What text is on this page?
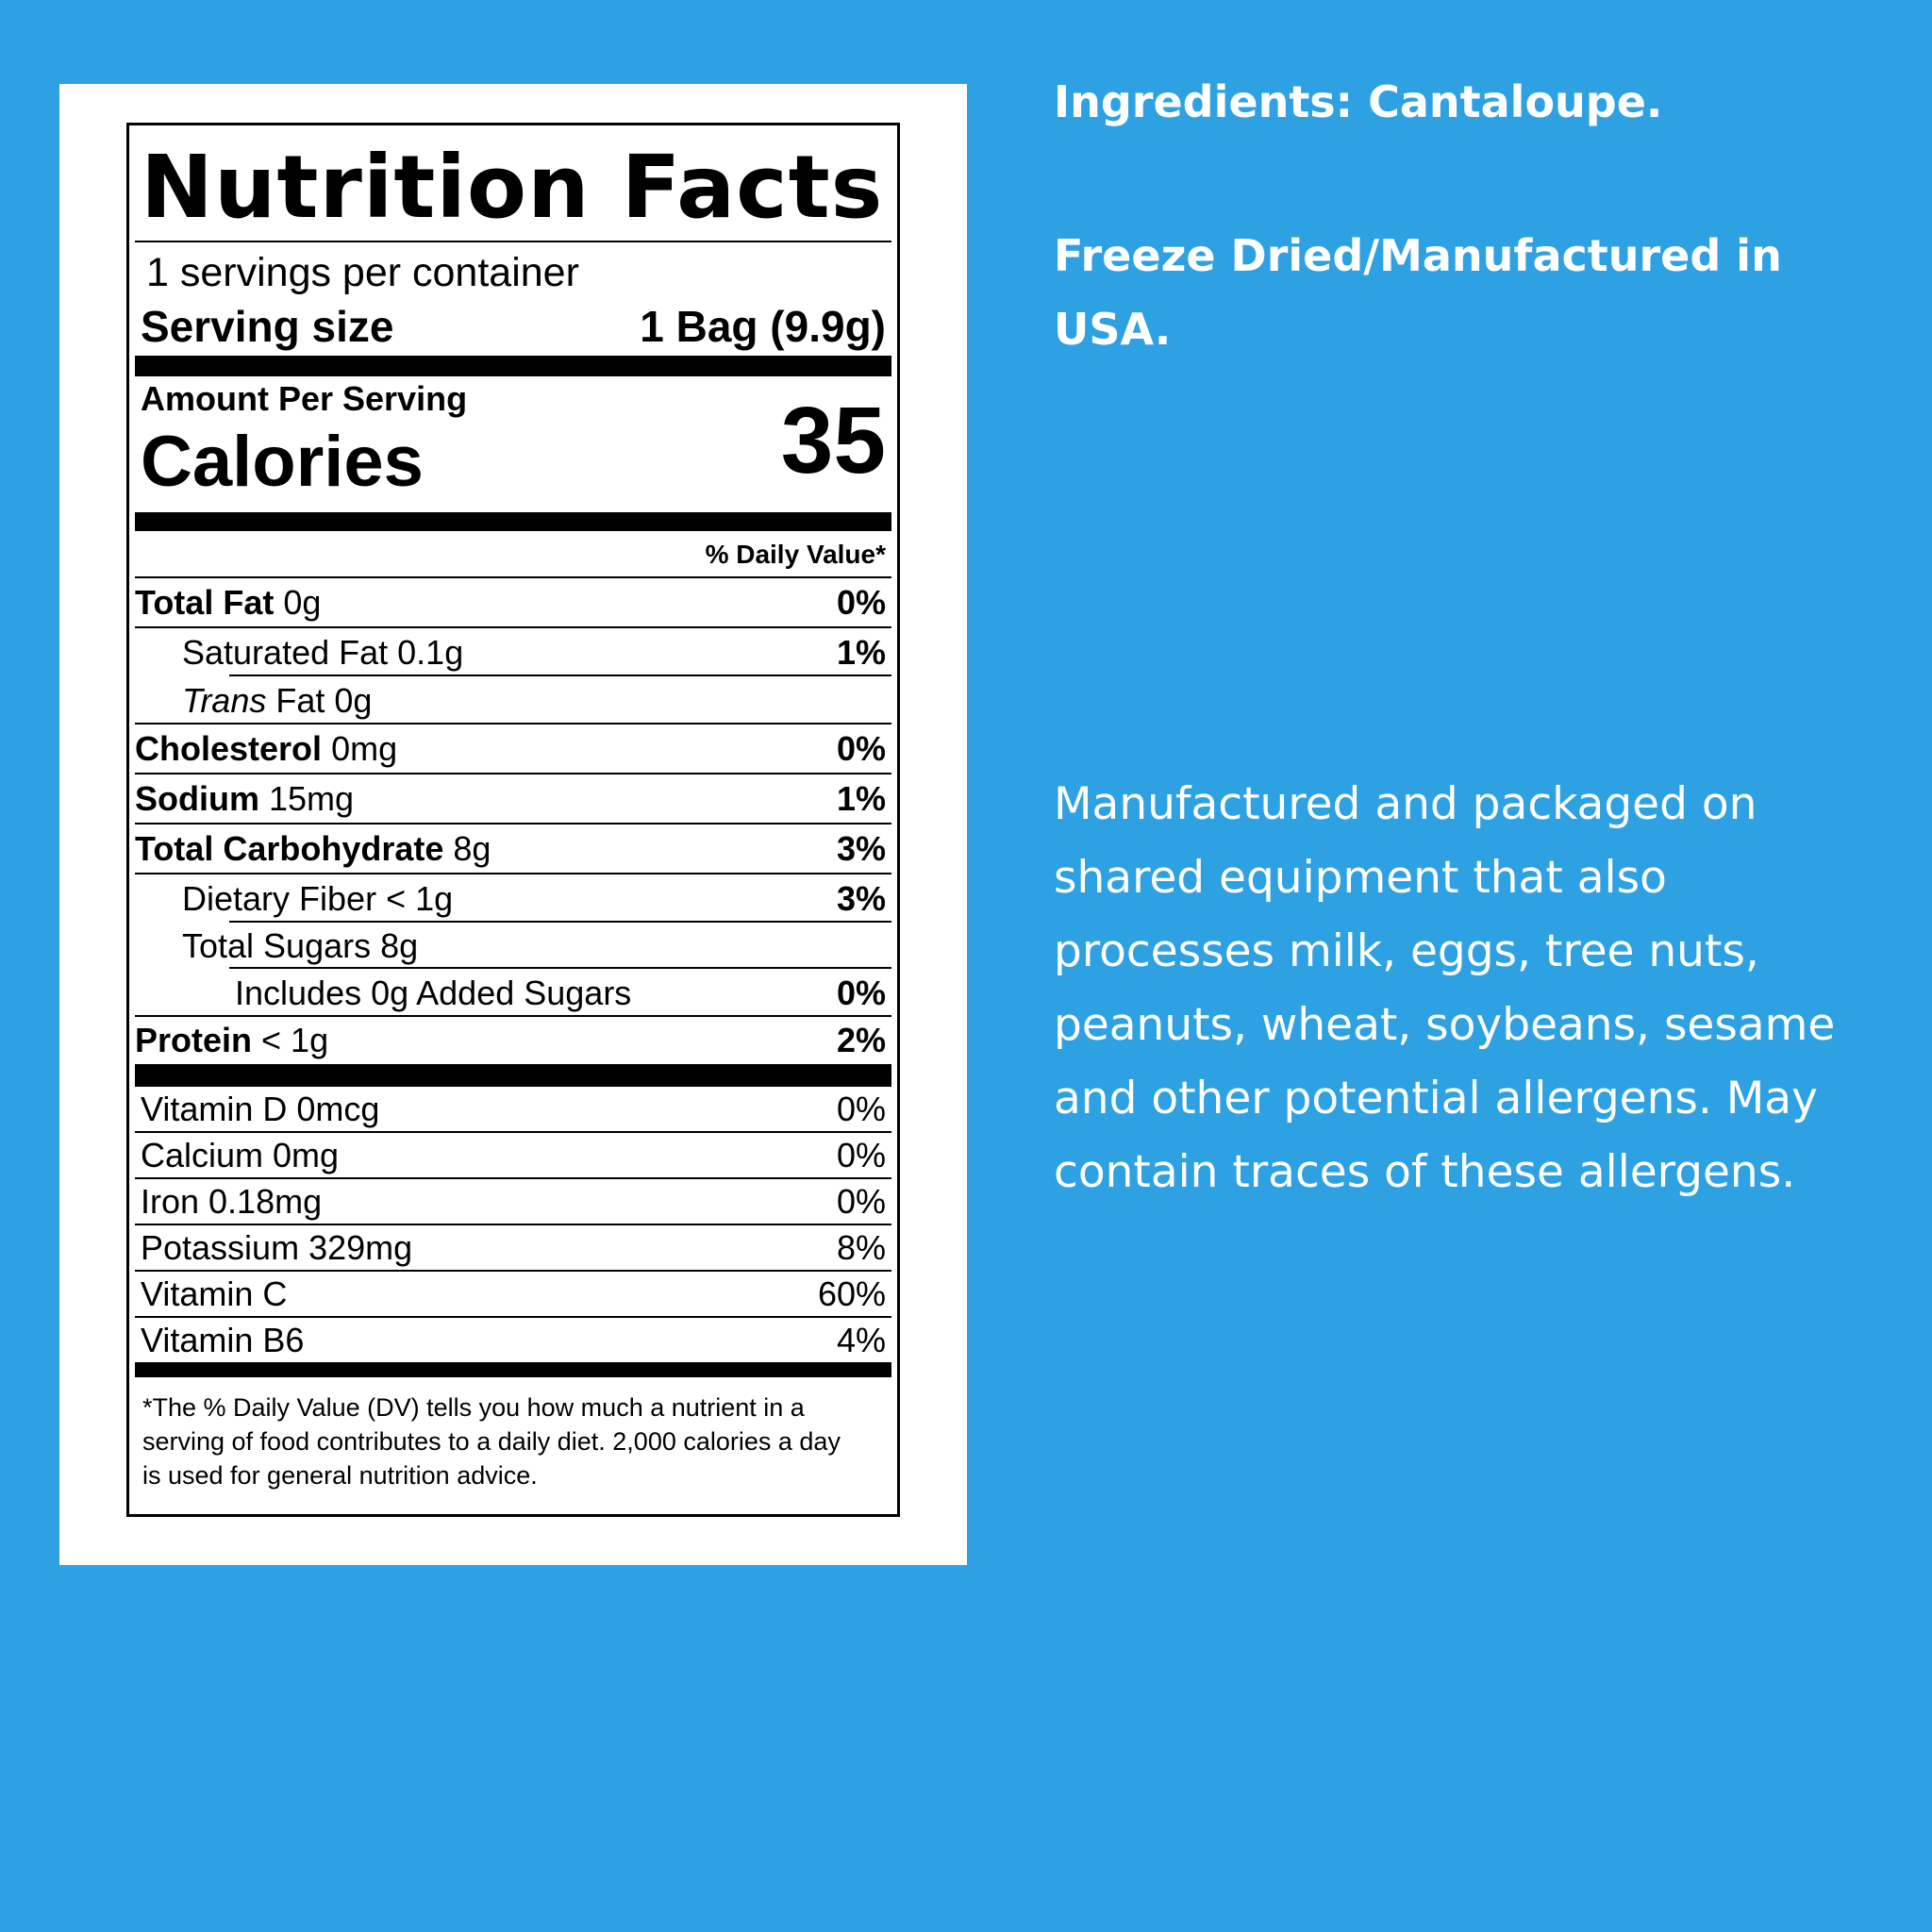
Nutrition Facts
1 servings per container
Serving size	1 Bag (9.9g)
Amount Per Serving
Calories	35
% Daily Value*
Total Fat 0g	0%
Saturated Fat 0.1g	1%
Trans Fat 0g
Cholesterol 0mg	0%
Sodium 15mg	1%
Total Carbohydrate 8g	3%
Dietary Fiber < 1g	3%
Total Sugars 8g
Includes 0g Added Sugars	0%
Protein < 1g	2%
Vitamin D 0mcg	0%
Calcium 0mg	0%
Iron 0.18mg	0%
Potassium 329mg	8%
Vitamin C	60%
Vitamin B6	4%
*The % Daily Value (DV) tells you how much a nutrient in a serving of food contributes to a daily diet. 2,000 calories a day is used for general nutrition advice.
Ingredients: Cantaloupe.
Freeze Dried/Manufactured in USA.
Manufactured and packaged on shared equipment that also processes milk, eggs, tree nuts, peanuts, wheat, soybeans, sesame and other potential allergens. May contain traces of these allergens.
